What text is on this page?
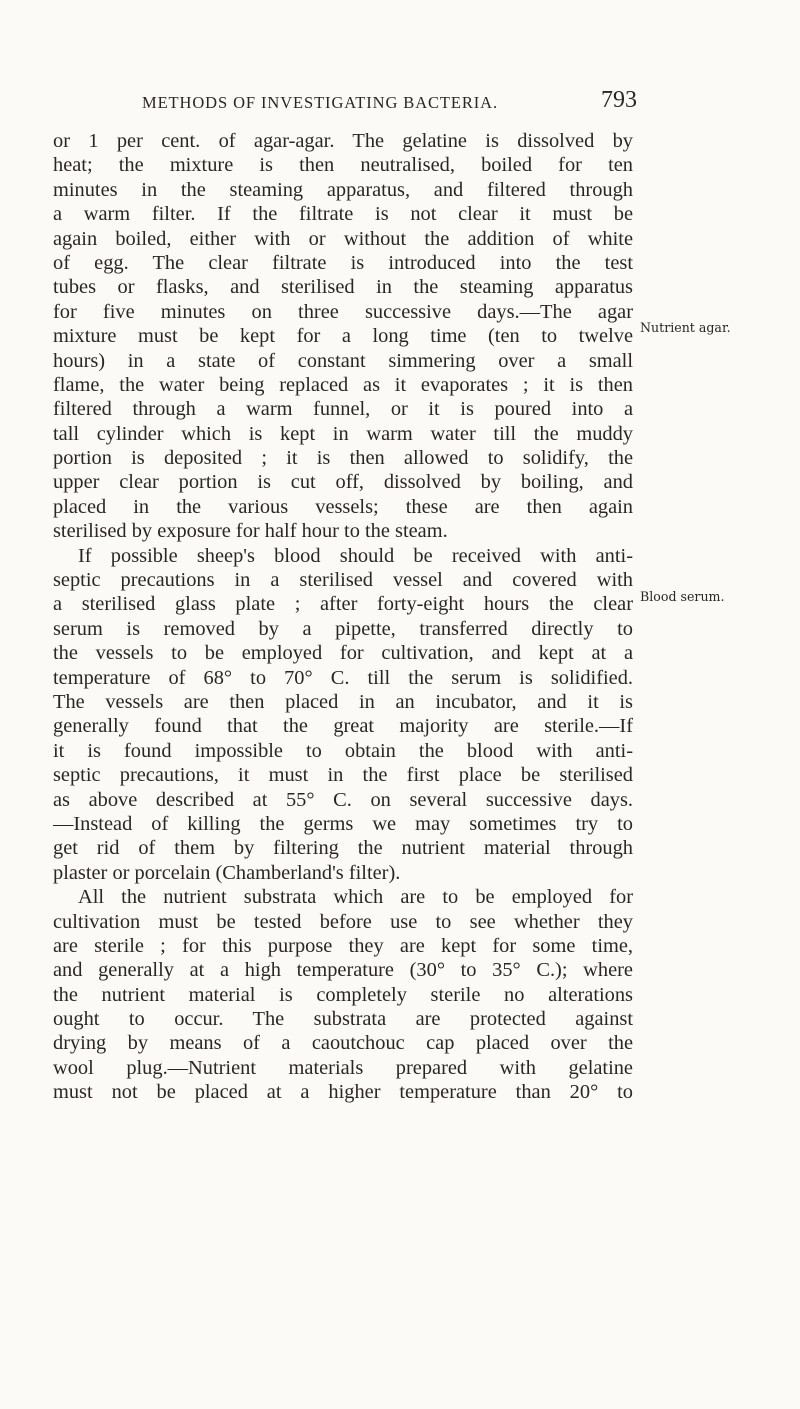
METHODS OF INVESTIGATING BACTERIA.	793
or 1 per cent. of agar-agar. The gelatine is dissolved by
heat; the mixture is then neutralised, boiled for ten
minutes in the steaming apparatus, and filtered through
a warm filter. If the filtrate is not clear it must be
again boiled, either with or without the addition of white
of egg. The clear filtrate is introduced into the test
tubes or flasks, and sterilised in the steaming apparatus
for five minutes on three successive days.—The agar
mixture must be kept for a long time (ten to twelve
hours) in a state of constant simmering over a small
flame, the water being replaced as it evaporates ; it is then
filtered through a warm funnel, or it is poured into a
tall cylinder which is kept in warm water till the muddy
portion is deposited ; it is then allowed to solidify, the
upper clear portion is cut off, dissolved by boiling, and
placed in the various vessels; these are then again
sterilised by exposure for half hour to the steam.
If possible sheep's blood should be received with anti-
septic precautions in a sterilised vessel and covered with
a sterilised glass plate ; after forty-eight hours the clear
serum is removed by a pipette, transferred directly to
the vessels to be employed for cultivation, and kept at a
temperature of 68° to 70° C. till the serum is solidified.
The vessels are then placed in an incubator, and it is
generally found that the great majority are sterile.—If
it is found impossible to obtain the blood with anti-
septic precautions, it must in the first place be sterilised
as above described at 55° C. on several successive days.
—Instead of killing the germs we may sometimes try to
get rid of them by filtering the nutrient material through
plaster or porcelain (Chamberland's filter).
All the nutrient substrata which are to be employed for
cultivation must be tested before use to see whether they
are sterile ; for this purpose they are kept for some time,
and generally at a high temperature (30° to 35° C.); where
the nutrient material is completely sterile no alterations
ought to occur. The substrata are protected against
drying by means of a caoutchouc cap placed over the
wool plug.—Nutrient materials prepared with gelatine
must not be placed at a higher temperature than 20° to
Nutrient agar.
Blood serum.
